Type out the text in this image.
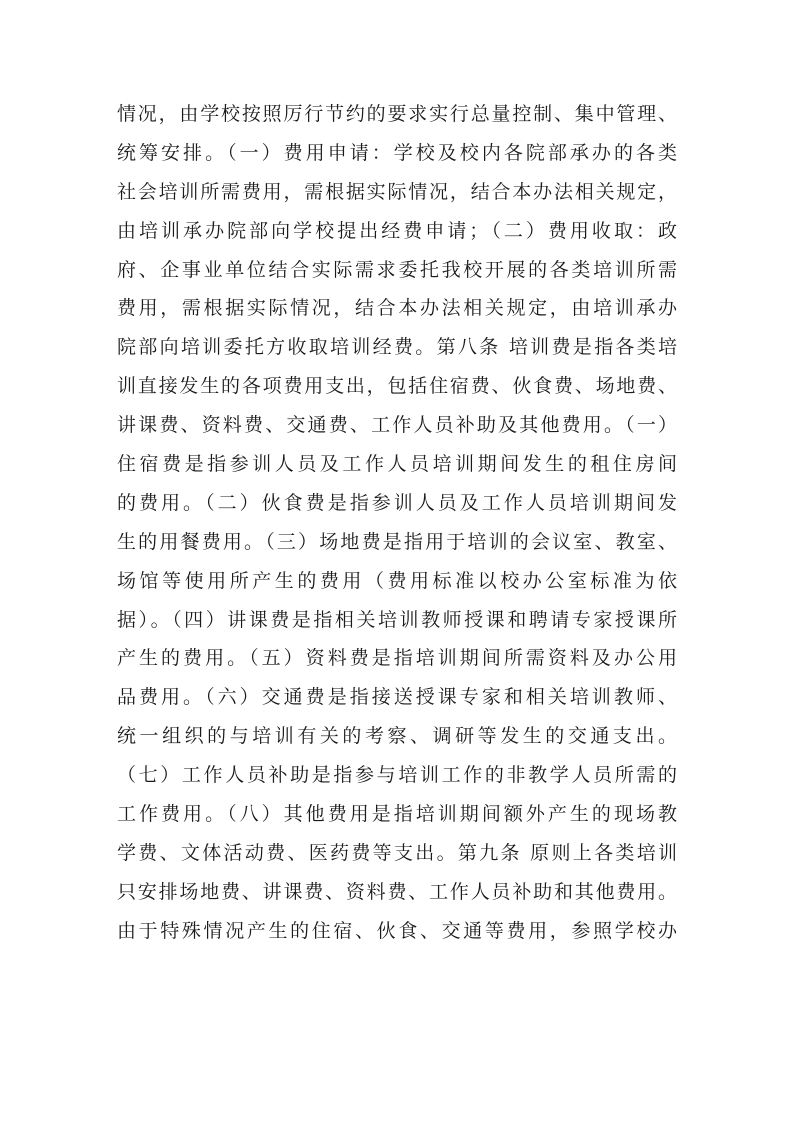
情况，由学校按照厉行节约的要求实行总量控制、集中管理、
统筹安排。（一）费用申请：学校及校内各院部承办的各类
社会培训所需费用，需根据实际情况，结合本办法相关规定，
由培训承办院部向学校提出经费申请；（二）费用收取：政
府、企事业单位结合实际需求委托我校开展的各类培训所需
费用，需根据实际情况，结合本办法相关规定，由培训承办
院部向培训委托方收取培训经费。第八条 培训费是指各类培
训直接发生的各项费用支出，包括住宿费、伙食费、场地费、
讲课费、资料费、交通费、工作人员补助及其他费用。（一）
住宿费是指参训人员及工作人员培训期间发生的租住房间
的费用。（二）伙食费是指参训人员及工作人员培训期间发
生的用餐费用。（三）场地费是指用于培训的会议室、教室、
场馆等使用所产生的费用（费用标准以校办公室标准为依
据）。（四）讲课费是指相关培训教师授课和聘请专家授课所
产生的费用。（五）资料费是指培训期间所需资料及办公用
品费用。（六）交通费是指接送授课专家和相关培训教师、
统一组织的与培训有关的考察、调研等发生的交通支出。
（七）工作人员补助是指参与培训工作的非教学人员所需的
工作费用。（八）其他费用是指培训期间额外产生的现场教
学费、文体活动费、医药费等支出。第九条 原则上各类培训
只安排场地费、讲课费、资料费、工作人员补助和其他费用。
由于特殊情况产生的住宿、伙食、交通等费用，参照学校办
